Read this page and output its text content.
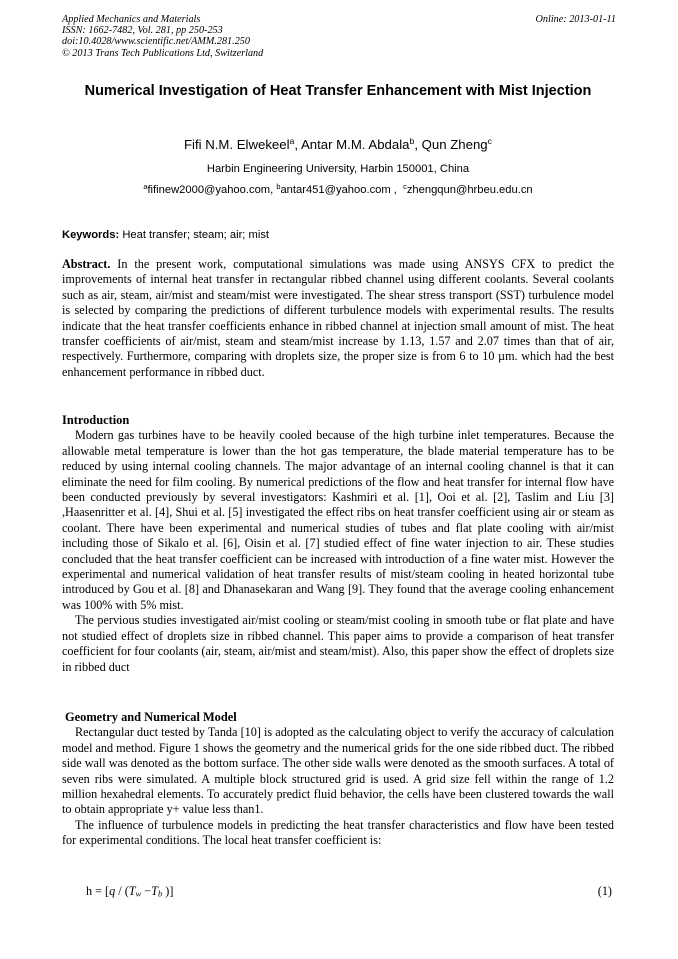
Applied Mechanics and Materials
ISSN: 1662-7482, Vol. 281, pp 250-253
doi:10.4028/www.scientific.net/AMM.281.250
© 2013 Trans Tech Publications Ltd, Switzerland
Online: 2013-01-11
Numerical Investigation of Heat Transfer Enhancement with Mist Injection
Fifi N.M. Elwekeel$^a$, Antar M.M. Abdala$^b$, Qun Zheng$^c$
Harbin Engineering University, Harbin 150001, China
$^a$fifinew2000@yahoo.com, $^b$antar451@yahoo.com ,  $^c$zhengqun@hrbeu.edu.cn
Keywords: Heat transfer; steam; air; mist
Abstract. In the present work, computational simulations was made using ANSYS CFX to predict the improvements of internal heat transfer in rectangular ribbed channel using different coolants. Several coolants such as air, steam, air/mist and steam/mist were investigated. The shear stress transport (SST) turbulence model is selected by comparing the predictions of different turbulence models with experimental results. The results indicate that the heat transfer coefficients enhance in ribbed channel at injection small amount of mist. The heat transfer coefficients of air/mist, steam and steam/mist increase by 1.13, 1.57 and 2.07 times than that of air, respectively. Furthermore, comparing with droplets size, the proper size is from 6 to 10 µm. which had the best enhancement performance in ribbed duct.
Introduction

Modern gas turbines have to be heavily cooled because of the high turbine inlet temperatures. Because the allowable metal temperature is lower than the hot gas temperature, the blade material temperature has to be reduced by using internal cooling channels. The major advantage of an internal cooling channel is that it can eliminate the need for film cooling. By numerical predictions of the flow and heat transfer for internal flow have been conducted previously by several investigators: Kashmiri et al. [1], Ooi et al. [2], Taslim and Liu [3] ,Haasenritter et al. [4], Shui et al. [5] investigated the effect ribs on heat transfer coefficient using air or steam as coolant. There have been experimental and numerical studies of tubes and flat plate cooling with air/mist including those of Sikalo et al. [6], Oisin et al. [7] studied effect of fine water injection to air. These studies concluded that the heat transfer coefficient can be increased with introduction of a fine water mist. However the experimental and numerical validation of heat transfer results of mist/steam cooling in heated horizontal tube introduced by Gou et al. [8] and Dhanasekaran and Wang [9]. They found that the average cooling enhancement was 100% with 5% mist.

The pervious studies investigated air/mist cooling or steam/mist cooling in smooth tube or flat plate and have not studied effect of droplets size in ribbed channel. This paper aims to provide a comparison of heat transfer coefficient for four coolants (air, steam, air/mist and steam/mist). Also, this paper show the effect of droplets size in ribbed duct

Geometry and Numerical Model

Rectangular duct tested by Tanda [10] is adopted as the calculating object to verify the accuracy of calculation model and method. Figure 1 shows the geometry and the numerical grids for the one side ribbed duct. The ribbed side wall was denoted as the bottom surface. The other side walls were denoted as the smooth surfaces. A total of seven ribs were simulated. A multiple block structured grid is used. A grid size fell within the range of 1.2 million hexahedral elements. To accurately predict fluid behavior, the cells have been clustered towards the wall to obtain appropriate y+ value less than1.

The influence of turbulence models in predicting the heat transfer characteristics and flow have been tested for experimental conditions. The local heat transfer coefficient is:

$h = [q / (T_w -T_b$ )]	(1)
